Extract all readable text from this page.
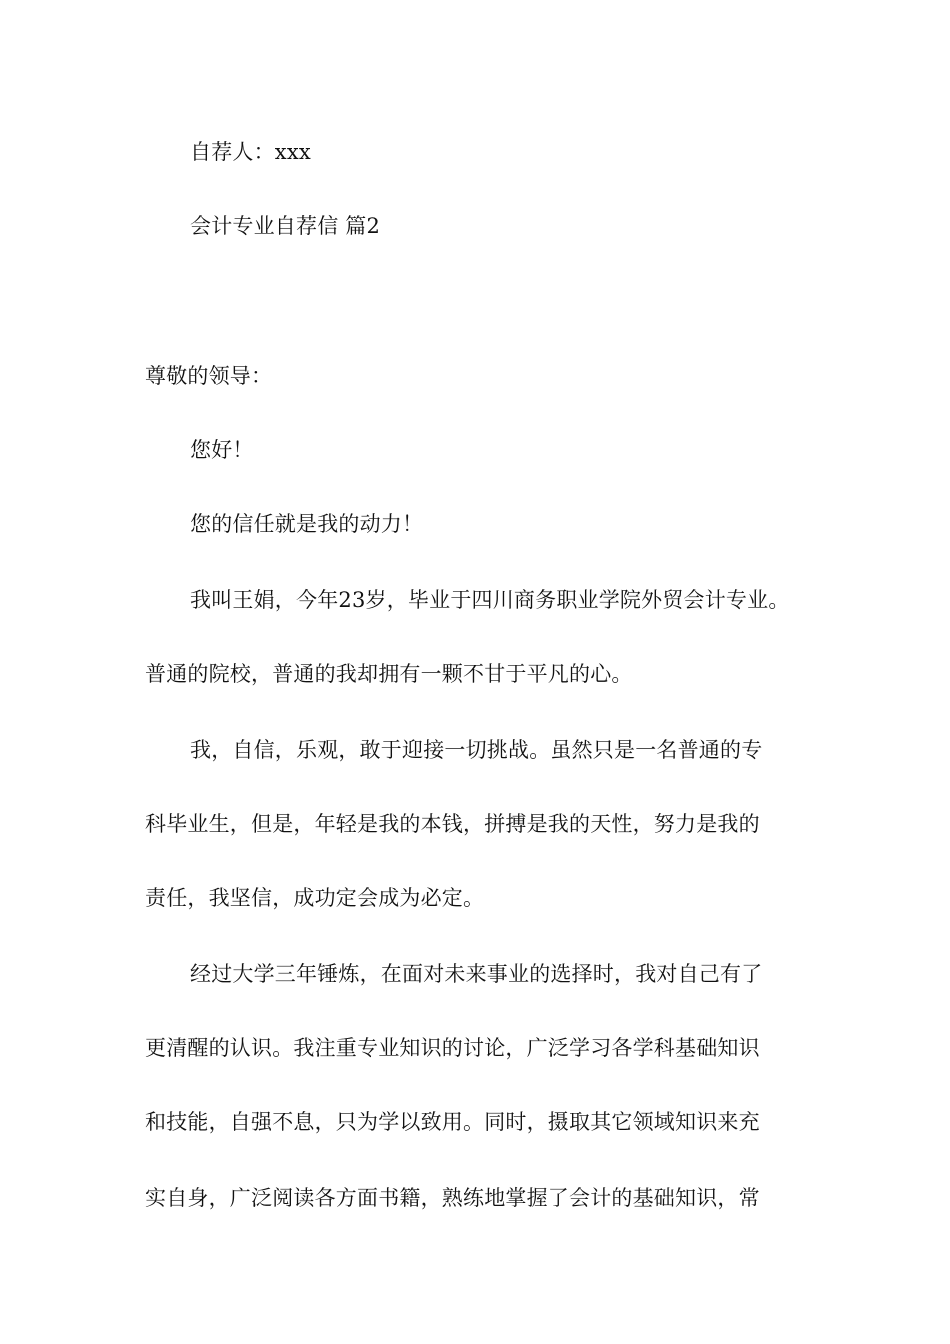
自荐人：xxx
会计专业自荐信 篇2
尊敬的领导：
您好！
您的信任就是我的动力！
我叫王娟，今年23岁，毕业于四川商务职业学院外贸会计专业。
普通的院校，普通的我却拥有一颗不甘于平凡的心。
我，自信，乐观，敢于迎接一切挑战。虽然只是一名普通的专
科毕业生，但是，年轻是我的本钱，拼搏是我的天性，努力是我的
责任，我坚信，成功定会成为必定。
经过大学三年锤炼，在面对未来事业的选择时，我对自己有了
更清醒的认识。我注重专业知识的讨论，广泛学习各学科基础知识
和技能，自强不息，只为学以致用。同时，摄取其它领域知识来充
实自身，广泛阅读各方面书籍，熟练地掌握了会计的基础知识，常
